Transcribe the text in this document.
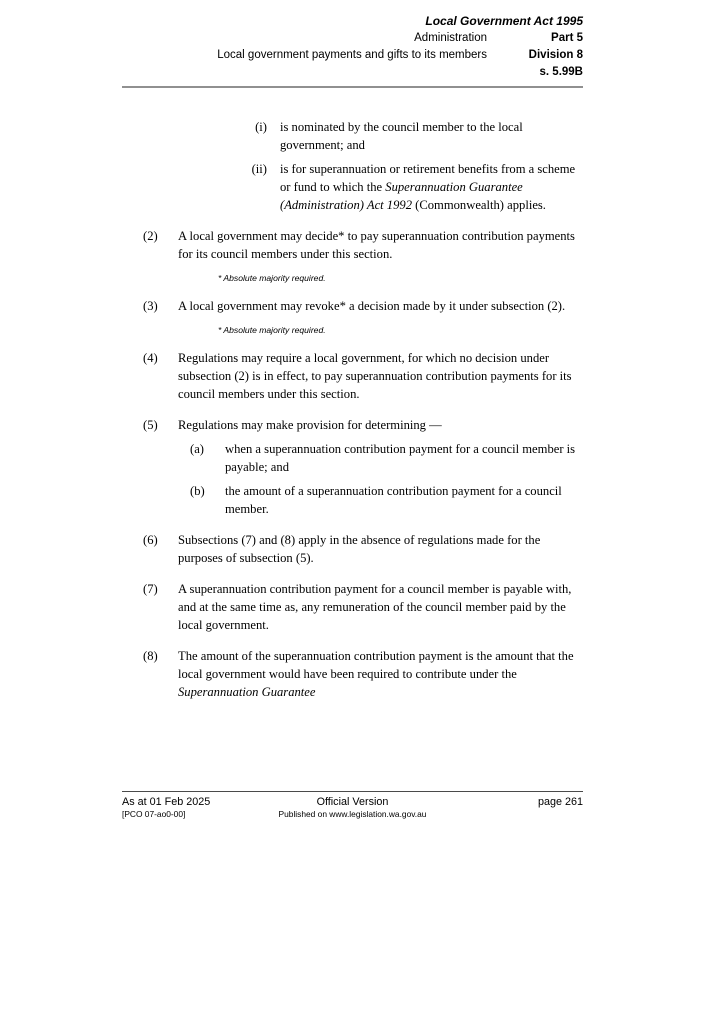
Local Government Act 1995
Administration	Part 5
Local government payments and gifts to its members	Division 8
s. 5.99B
(i)	is nominated by the council member to the local government; and
(ii)	is for superannuation or retirement benefits from a scheme or fund to which the Superannuation Guarantee (Administration) Act 1992 (Commonwealth) applies.
(2)	A local government may decide* to pay superannuation contribution payments for its council members under this section.
* Absolute majority required.
(3)	A local government may revoke* a decision made by it under subsection (2).
* Absolute majority required.
(4)	Regulations may require a local government, for which no decision under subsection (2) is in effect, to pay superannuation contribution payments for its council members under this section.
(5)	Regulations may make provision for determining —
(a)	when a superannuation contribution payment for a council member is payable; and
(b)	the amount of a superannuation contribution payment for a council member.
(6)	Subsections (7) and (8) apply in the absence of regulations made for the purposes of subsection (5).
(7)	A superannuation contribution payment for a council member is payable with, and at the same time as, any remuneration of the council member paid by the local government.
(8)	The amount of the superannuation contribution payment is the amount that the local government would have been required to contribute under the Superannuation Guarantee
As at 01 Feb 2025	Official Version	page 261
[PCO 07-ao0-00]	Published on www.legislation.wa.gov.au
